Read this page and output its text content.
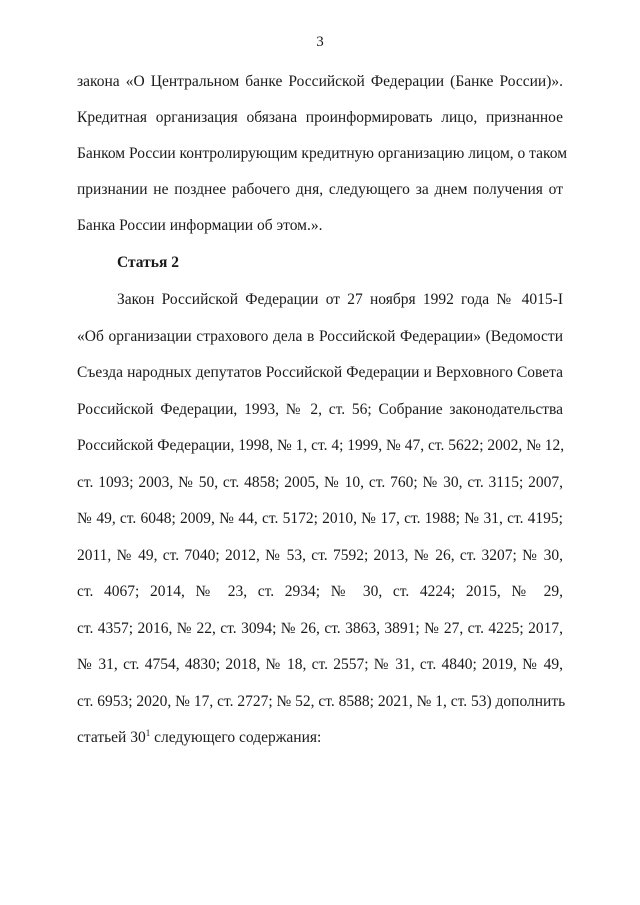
3
закона «О Центральном банке Российской Федерации (Банке России)».
Кредитная организация обязана проинформировать лицо, признанное
Банком России контролирующим кредитную организацию лицом, о таком
признании не позднее рабочего дня, следующего за днем получения от
Банка России информации об этом.».
Статья 2
Закон Российской Федерации от 27 ноября 1992 года № 4015-I
«Об организации страхового дела в Российской Федерации» (Ведомости
Съезда народных депутатов Российской Федерации и Верховного Совета
Российской Федерации, 1993, № 2, ст. 56; Собрание законодательства
Российской Федерации, 1998, № 1, ст. 4; 1999, № 47, ст. 5622; 2002, № 12,
ст. 1093; 2003, № 50, ст. 4858; 2005, № 10, ст. 760; № 30, ст. 3115; 2007,
№ 49, ст. 6048; 2009, № 44, ст. 5172; 2010, № 17, ст. 1988; № 31, ст. 4195;
2011, № 49, ст. 7040; 2012, № 53, ст. 7592; 2013, № 26, ст. 3207; № 30,
ст. 4067; 2014, № 23, ст. 2934; № 30, ст. 4224; 2015, № 29,
ст. 4357; 2016, № 22, ст. 3094; № 26, ст. 3863, 3891; № 27, ст. 4225; 2017,
№ 31, ст. 4754, 4830; 2018, № 18, ст. 2557; № 31, ст. 4840; 2019, № 49,
ст. 6953; 2020, № 17, ст. 2727; № 52, ст. 8588; 2021, № 1, ст. 53) дополнить
статьей $30^1$ следующего содержания:
